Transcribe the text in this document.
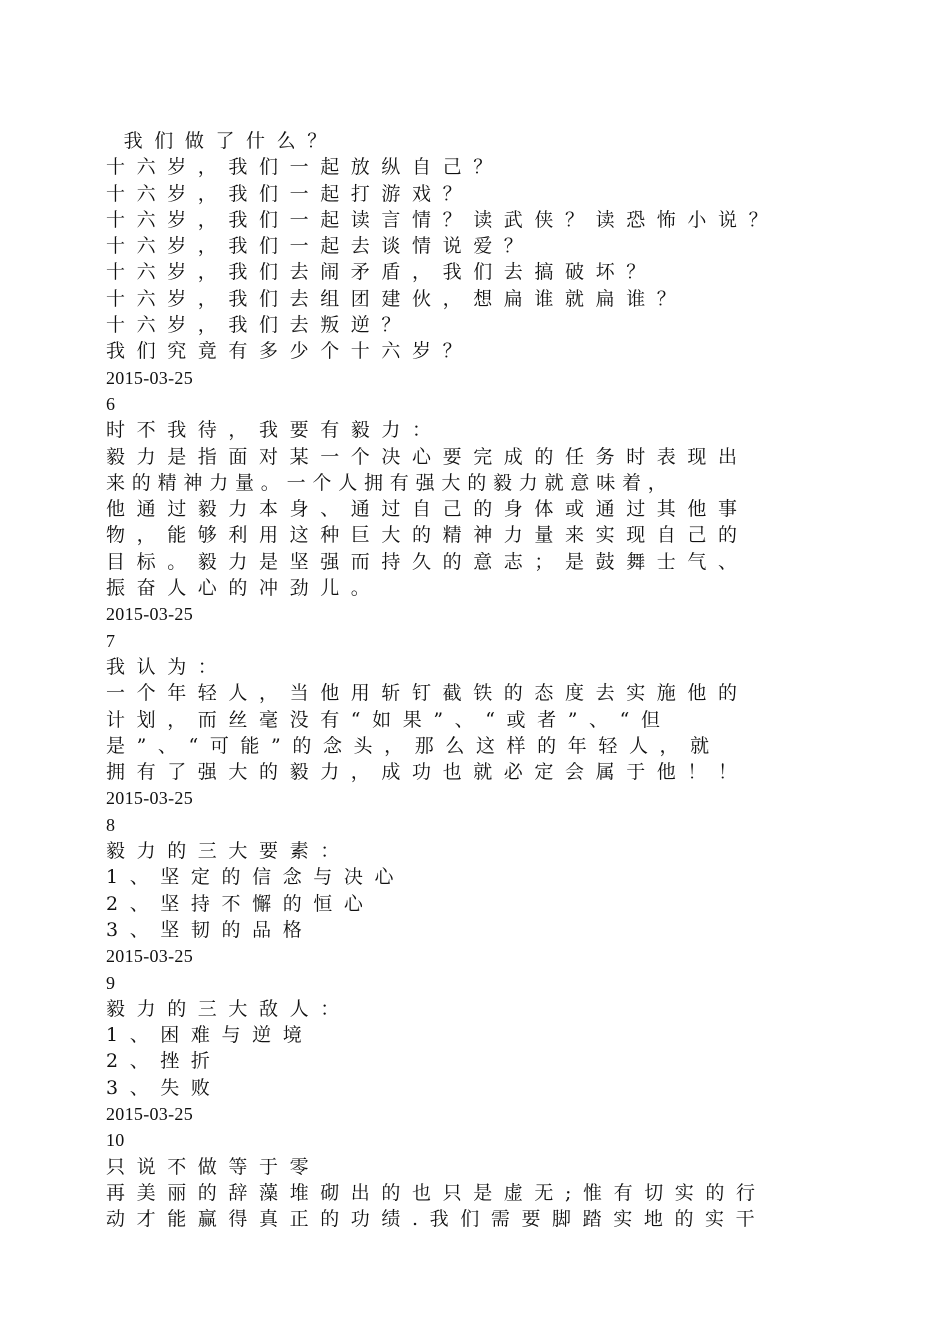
我们做了什么？
十六岁，我们一起放纵自己？
十六岁，我们一起打游戏？
十六岁，我们一起读言情？读武侠？读恐怖小说？
十六岁，我们一起去谈情说爱？
十六岁，我们去闹矛盾，我们去搞破坏？
十六岁，我们去组团建伙，想扁谁就扁谁？
十六岁，我们去叛逆？
我们究竟有多少个十六岁？
2015-03-25
6
时不我待，我要有毅力：
毅力是指面对某一个决心要完成的任务时表现出
来的精神力量。一个人拥有强大的毅力就意味着，
他通过毅力本身、通过自己的身体或通过其他事
物，能够利用这种巨大的精神力量来实现自己的
目标。毅力是坚强而持久的意志；是鼓舞士气、
振奋人心的冲劲儿。
2015-03-25
7
我认为：
一个年轻人，当他用斩钉截铁的态度去实施他的
计划，而丝毫没有“如果”、“或者”、“但
是”、“可能”的念头，那么这样的年轻人，就
拥有了强大的毅力，成功也就必定会属于他！！
2015-03-25
8
毅力的三大要素：
1、坚定的信念与决心
2、坚持不懈的恒心
3、坚韧的品格
2015-03-25
9
毅力的三大敌人：
1、困难与逆境
2、挫折
3、失败
2015-03-25
10
只说不做等于零
再美丽的辞藻堆砌出的也只是虚无;惟有切实的行
动才能赢得真正的功绩.我们需要脚踏实地的实干
